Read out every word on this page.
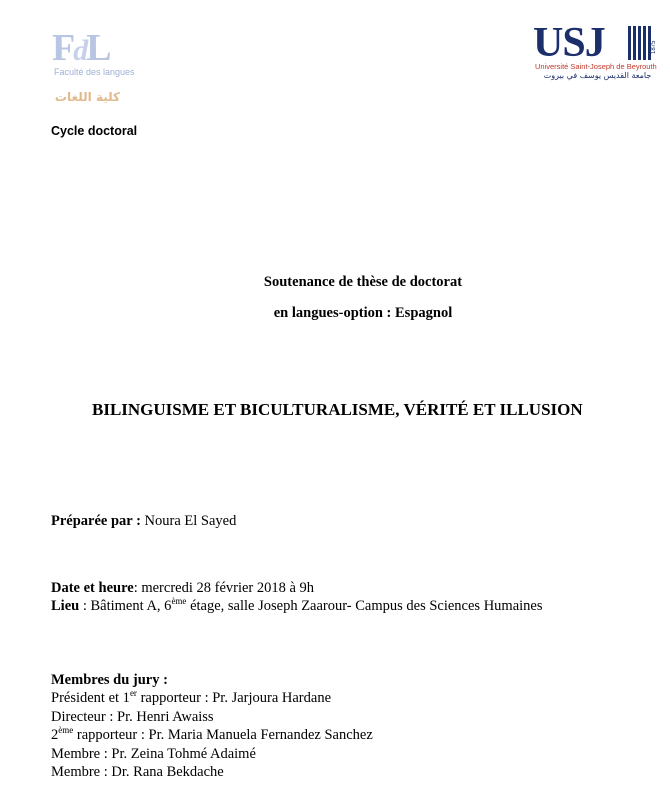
FdL
Faculté des langues
كلية اللغات
USJ	1875
Université Saint-Joseph de Beyrouth
جامعة القديس يوسف في بيروت
Cycle doctoral
Soutenance de thèse de doctorat
en langues-option : Espagnol
BILINGUISME ET BICULTURALISME, VÉRITÉ ET ILLUSION
Préparée par : Noura El Sayed
Date et heure: mercredi 28 février 2018 à 9h
Lieu : Bâtiment A, 6ème étage, salle Joseph Zaarour- Campus des Sciences Humaines
Membres du jury :
Président et 1er rapporteur : Pr. Jarjoura Hardane
Directeur : Pr. Henri Awaiss
2ème rapporteur : Pr. Maria Manuela Fernandez Sanchez
Membre : Pr. Zeina Tohmé Adaimé
Membre : Dr. Rana Bekdache
